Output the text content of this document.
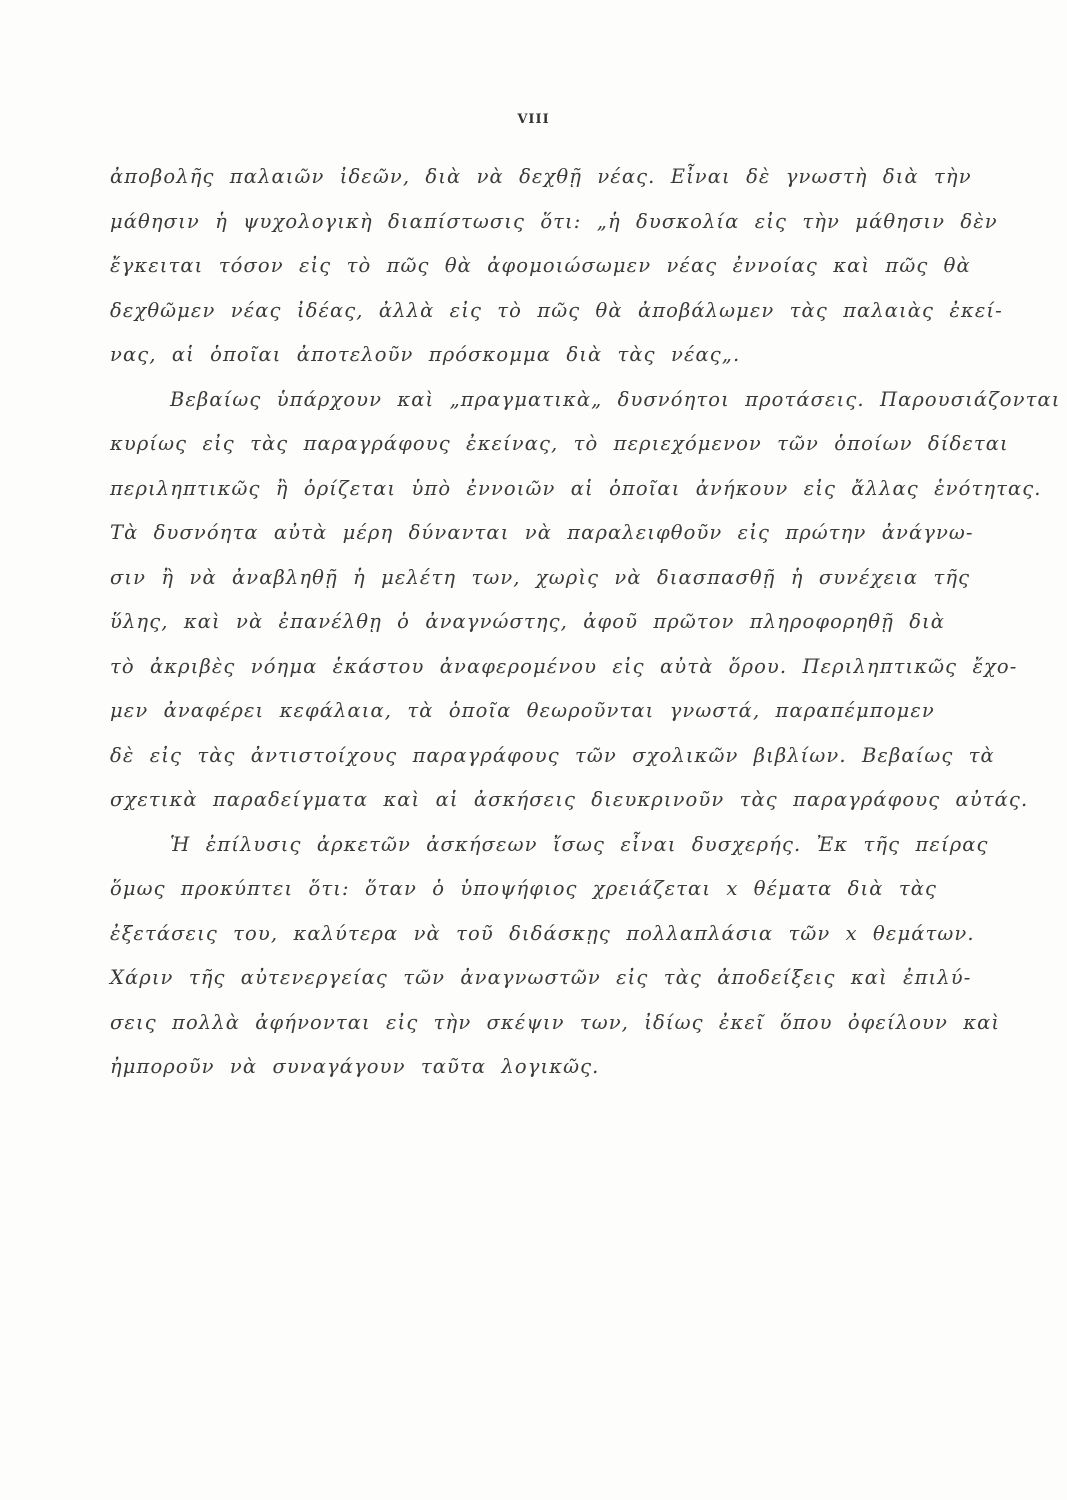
VIII
ἀποβολῆς παλαιῶν ἰδεῶν, διὰ νὰ δεχθῇ νέας. Εἶναι δὲ γνωστὴ διὰ τὴν
μάθησιν ἡ ψυχολογικὴ διαπίστωσις ὅτι: „ἡ δυσκολία εἰς τὴν μάθησιν δὲν
ἔγκειται τόσον εἰς τὸ πῶς θὰ ἀφομοιώσωμεν νέας ἐννοίας καὶ πῶς θὰ
δεχθῶμεν νέας ἰδέας, ἀλλὰ εἰς τὸ πῶς θὰ ἀποβάλωμεν τὰς παλαιὰς ἐκεί-
νας, αἱ ὁποῖαι ἀποτελοῦν πρόσκομμα διὰ τὰς νέας„.
Βεβαίως ὑπάρχουν καὶ „πραγματικὰ„ δυσνόητοι προτάσεις. Παρουσιάζονται
κυρίως εἰς τὰς παραγράφους ἐκείνας, τὸ περιεχόμενον τῶν ὁποίων δίδεται
περιληπτικῶς ἢ ὁρίζεται ὑπὸ ἐννοιῶν αἱ ὁποῖαι ἀνήκουν εἰς ἄλλας ἑνότητας.
Τὰ δυσνόητα αὐτὰ μέρη δύνανται νὰ παραλειφθοῦν εἰς πρώτην ἀνάγνω-
σιν ἢ νὰ ἀναβληθῇ ἡ μελέτη των, χωρὶς νὰ διασπασθῇ ἡ συνέχεια τῆς
ὕλης, καὶ νὰ ἐπανέλθῃ ὁ ἀναγνώστης, ἀφοῦ πρῶτον πληροφορηθῇ διὰ
τὸ ἀκριβὲς νόημα ἑκάστου ἀναφερομένου εἰς αὐτὰ ὅρου. Περιληπτικῶς ἔχο-
μεν ἀναφέρει κεφάλαια, τὰ ὁποῖα θεωροῦνται γνωστά, παραπέμπομεν
δὲ εἰς τὰς ἀντιστοίχους παραγράφους τῶν σχολικῶν βιβλίων. Βεβαίως τὰ
σχετικὰ παραδείγματα καὶ αἱ ἀσκήσεις διευκρινοῦν τὰς παραγράφους αὐτάς.
Ἡ ἐπίλυσις ἀρκετῶν ἀσκήσεων ἴσως εἶναι δυσχερής. Ἐκ τῆς πείρας
ὅμως προκύπτει ὅτι: ὅταν ὁ ὑποψήφιος χρειάζεται x θέματα διὰ τὰς
ἐξετάσεις του, καλύτερα νὰ τοῦ διδάσκῃς πολλαπλάσια τῶν x θεμάτων.
Χάριν τῆς αὐτενεργείας τῶν ἀναγνωστῶν εἰς τὰς ἀποδείξεις καὶ ἐπιλύ-
σεις πολλὰ ἀφήνονται εἰς τὴν σκέψιν των, ἰδίως ἐκεῖ ὅπου ὀφείλουν καὶ
ἠμποροῦν νὰ συναγάγουν ταῦτα λογικῶς.
